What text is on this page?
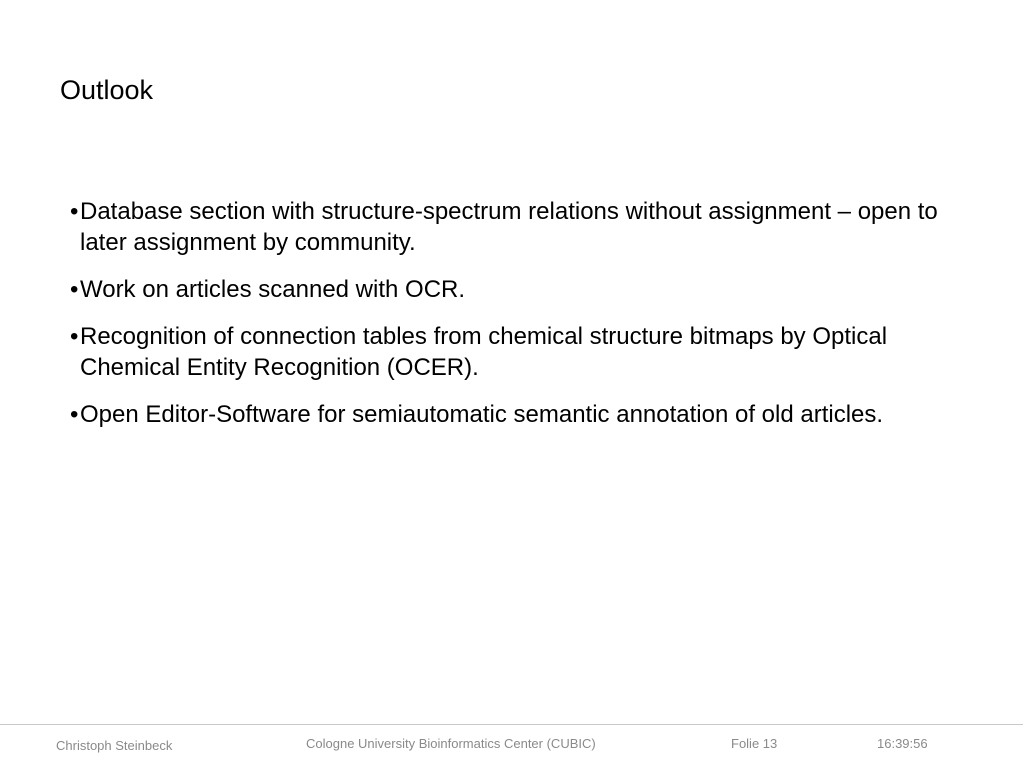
Outlook
• Database section with structure-spectrum relations without assignment – open to later assignment by community.
• Work on articles scanned with OCR.
• Recognition of connection tables from chemical structure bitmaps by Optical Chemical Entity Recognition (OCER).
• Open Editor-Software for semiautomatic semantic annotation of old articles.
Christoph Steinbeck	Cologne University Bioinformatics Center (CUBIC)	Folie 13	16:39:56
